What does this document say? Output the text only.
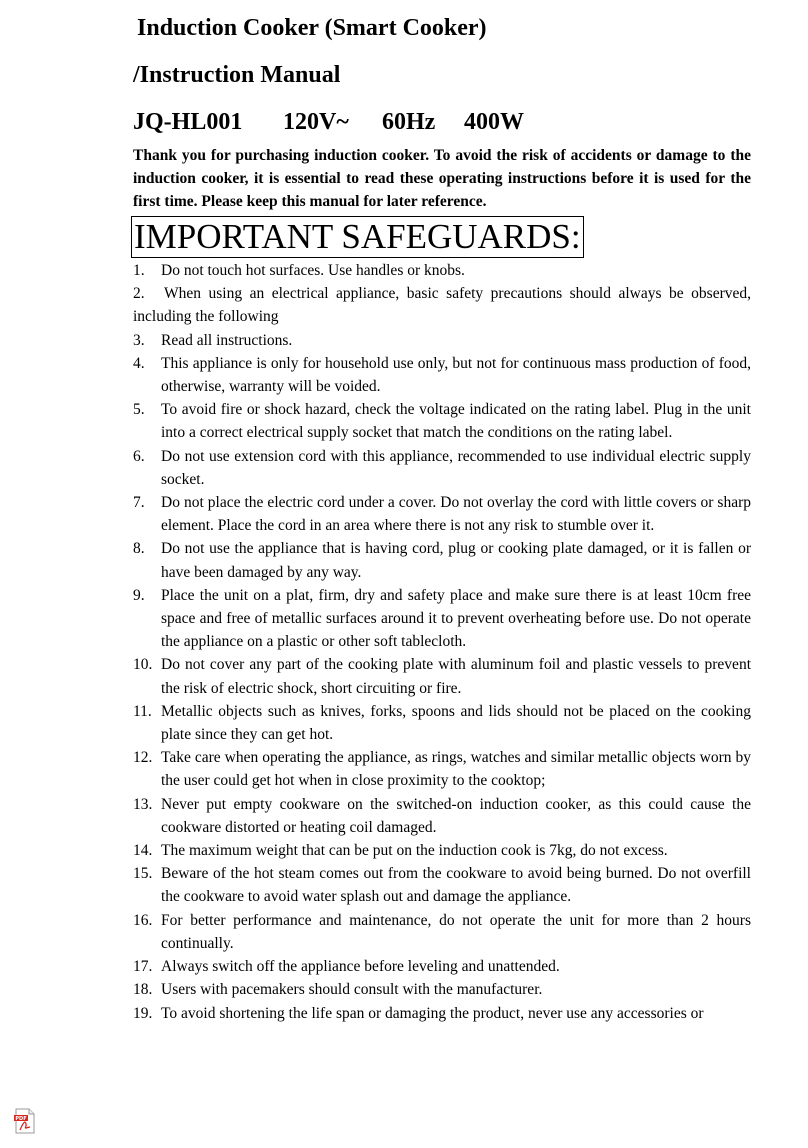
Induction Cooker (Smart Cooker)
/Instruction Manual
JQ-HL001	120V~	60Hz	400W
Thank you for purchasing induction cooker. To avoid the risk of accidents or damage to the induction cooker, it is essential to read these operating instructions before it is used for the first time. Please keep this manual for later reference.
IMPORTANT SAFEGUARDS:
1. Do not touch hot surfaces. Use handles or knobs.
2. When using an electrical appliance, basic safety precautions should always be observed, including the following
3. Read all instructions.
4. This appliance is only for household use only, but not for continuous mass production of food, otherwise, warranty will be voided.
5. To avoid fire or shock hazard, check the voltage indicated on the rating label. Plug in the unit into a correct electrical supply socket that match the conditions on the rating label.
6. Do not use extension cord with this appliance, recommended to use individual electric supply socket.
7. Do not place the electric cord under a cover. Do not overlay the cord with little covers or sharp element. Place the cord in an area where there is not any risk to stumble over it.
8. Do not use the appliance that is having cord, plug or cooking plate damaged, or it is fallen or have been damaged by any way.
9. Place the unit on a plat, firm, dry and safety place and make sure there is at least 10cm free space and free of metallic surfaces around it to prevent overheating before use. Do not operate the appliance on a plastic or other soft tablecloth.
10. Do not cover any part of the cooking plate with aluminum foil and plastic vessels to prevent the risk of electric shock, short circuiting or fire.
11. Metallic objects such as knives, forks, spoons and lids should not be placed on the cooking plate since they can get hot.
12. Take care when operating the appliance, as rings, watches and similar metallic objects worn by the user could get hot when in close proximity to the cooktop;
13. Never put empty cookware on the switched-on induction cooker, as this could cause the cookware distorted or heating coil damaged.
14. The maximum weight that can be put on the induction cook is 7kg, do not excess.
15. Beware of the hot steam comes out from the cookware to avoid being burned. Do not overfill the cookware to avoid water splash out and damage the appliance.
16. For better performance and maintenance, do not operate the unit for more than 2 hours continually.
17. Always switch off the appliance before leveling and unattended.
18. Users with pacemakers should consult with the manufacturer.
19. To avoid shortening the life span or damaging the product, never use any accessories or
PDF
